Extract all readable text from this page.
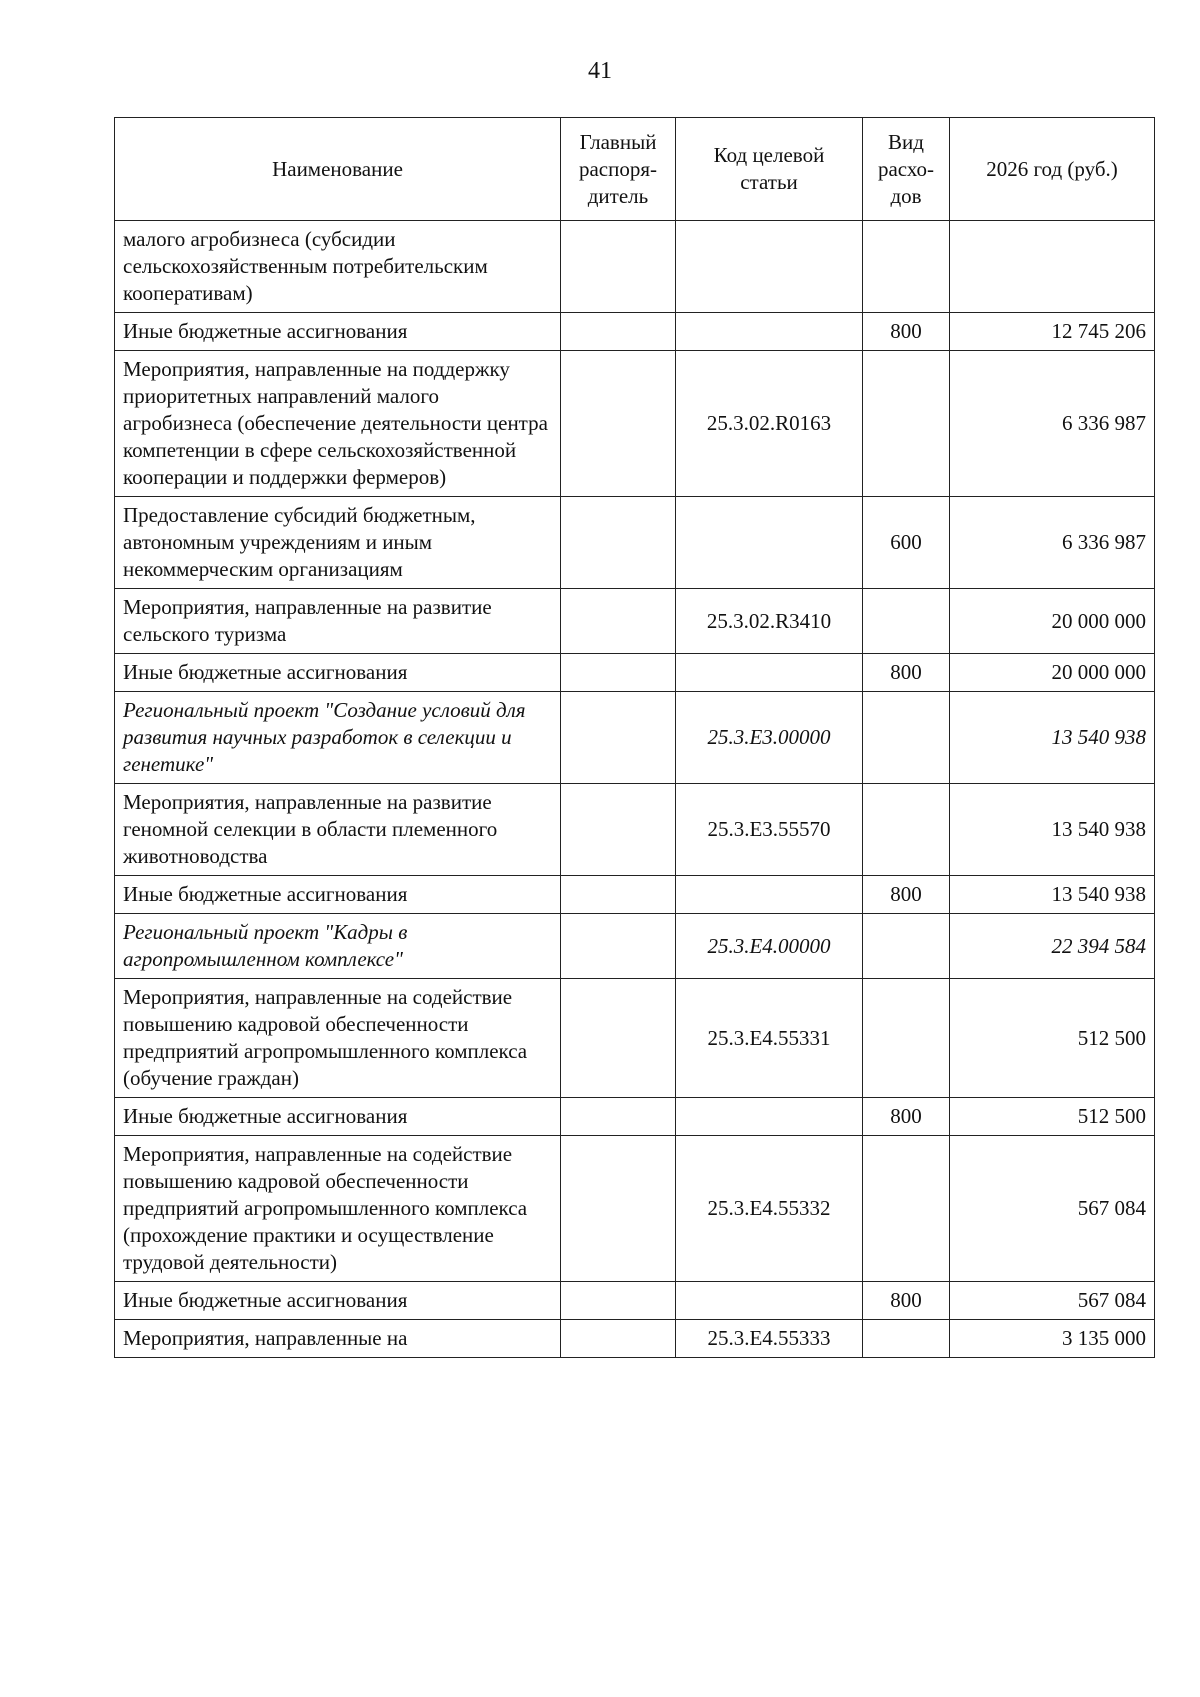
41
Наименование	Главный распоря-дитель	Код целевой статьи	Вид расхо-дов	2026 год (руб.)
малого агробизнеса (субсидии сельскохозяйственным потребительским кооперативам)				
Иные бюджетные ассигнования			800	12 745 206
Мероприятия, направленные на поддержку приоритетных направлений малого агробизнеса (обеспечение деятельности центра компетенции в сфере сельскохозяйственной кооперации и поддержки фермеров)		25.3.02.R0163		6 336 987
Предоставление субсидий бюджетным, автономным учреждениям и иным некоммерческим организациям			600	6 336 987
Мероприятия, направленные на развитие сельского туризма		25.3.02.R3410		20 000 000
Иные бюджетные ассигнования			800	20 000 000
Региональный проект "Создание условий для развития научных разработок в селекции и генетике"		25.3.E3.00000		13 540 938
Мероприятия, направленные на развитие геномной селекции в области племенного животноводства		25.3.E3.55570		13 540 938
Иные бюджетные ассигнования			800	13 540 938
Региональный проект "Кадры в агропромышленном комплексе"		25.3.E4.00000		22 394 584
Мероприятия, направленные на содействие повышению кадровой обеспеченности предприятий агропромышленного комплекса (обучение граждан)		25.3.E4.55331		512 500
Иные бюджетные ассигнования			800	512 500
Мероприятия, направленные на содействие повышению кадровой обеспеченности предприятий агропромышленного комплекса (прохождение практики и осуществление трудовой деятельности)		25.3.E4.55332		567 084
Иные бюджетные ассигнования			800	567 084
Мероприятия, направленные на		25.3.E4.55333		3 135 000
